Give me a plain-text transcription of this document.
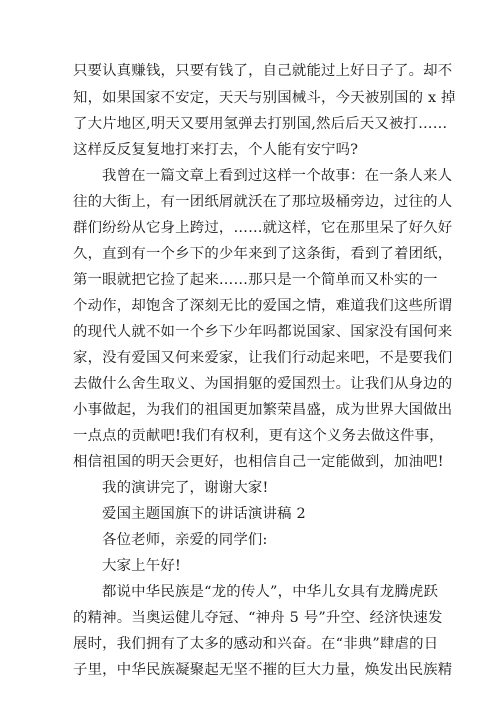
只要认真赚钱，只要有钱了，自己就能过上好日子了。却不
知，如果国家不安定，天天与别国械斗，今天被别国的 x 掉
了大片地区,明天又要用氢弹去打别国,然后后天又被打……
这样反反复复地打来打去，个人能有安宁吗?
我曾在一篇文章上看到过这样一个故事：在一条人来人
往的大街上，有一团纸屑就沃在了那垃圾桶旁边，过往的人
群们纷纷从它身上跨过，……就这样，它在那里呆了好久好
久，直到有一个乡下的少年来到了这条街，看到了着团纸，
第一眼就把它捡了起来……那只是一个简单而又朴实的一
个动作，却饱含了深刻无比的爱国之情，难道我们这些所谓
的现代人就不如一个乡下少年吗都说国家、国家没有国何来
家，没有爱国又何来爱家，让我们行动起来吧，不是要我们
去做什么舍生取义、为国捐躯的爱国烈士。让我们从身边的
小事做起，为我们的祖国更加繁荣昌盛，成为世界大国做出
一点点的贡献吧!我们有权利，更有这个义务去做这件事，
相信祖国的明天会更好，也相信自己一定能做到，加油吧!
我的演讲完了，谢谢大家!
爱国主题国旗下的讲话演讲稿 2
各位老师，亲爱的同学们:
大家上午好!
都说中华民族是“龙的传人”，中华儿女具有龙腾虎跃
的精神。当奥运健儿夺冠、“神舟 5 号”升空、经济快速发
展时，我们拥有了太多的感动和兴奋。在“非典”肆虐的日
子里，中华民族凝聚起无坚不摧的巨大力量，焕发出民族精
